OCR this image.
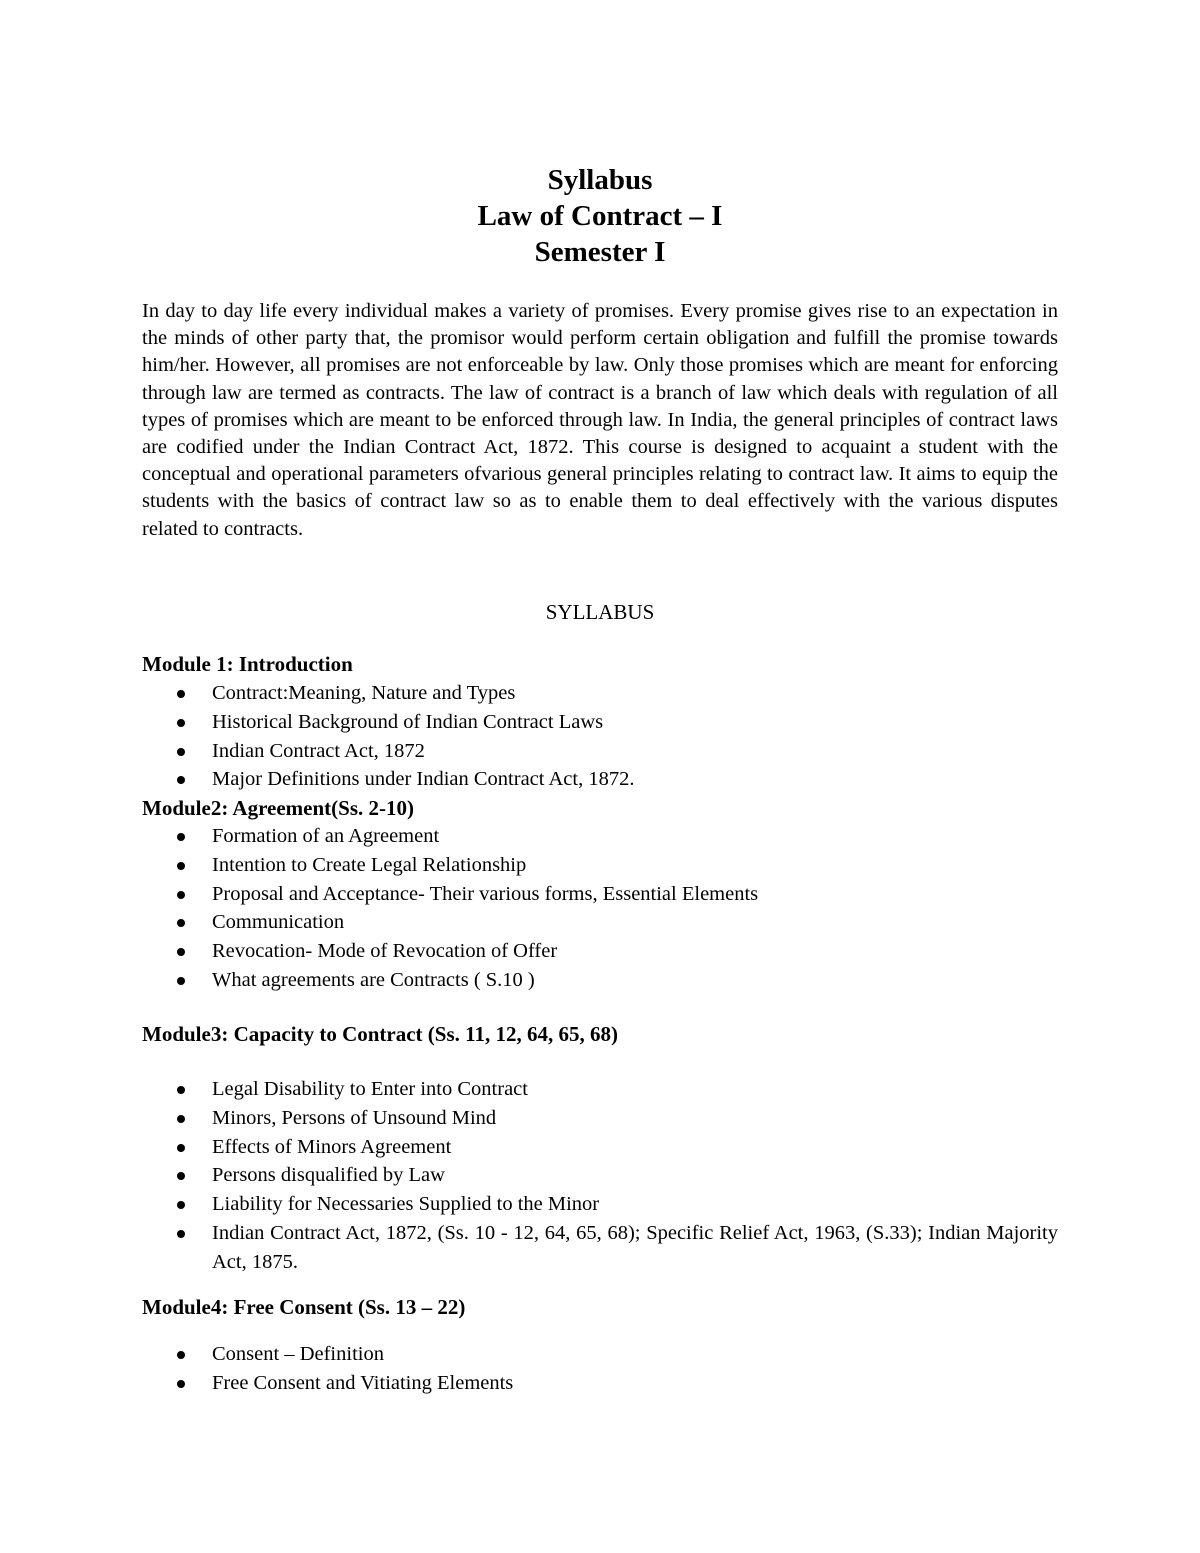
Syllabus
Law of Contract – I
Semester I

In day to day life every individual makes a variety of promises. Every promise gives rise to an expectation in the minds of other party that, the promisor would perform certain obligation and fulfill the promise towards him/her. However, all promises are not enforceable by law. Only those promises which are meant for enforcing through law are termed as contracts. The law of contract is a branch of law which deals with regulation of all types of promises which are meant to be enforced through law. In India, the general principles of contract laws are codified under the Indian Contract Act, 1872. This course is designed to acquaint a student with the conceptual and operational parameters ofvarious general principles relating to contract law. It aims to equip the students with the basics of contract law so as to enable them to deal effectively with the various disputes related to contracts.

SYLLABUS
Module 1: Introduction
Contract:Meaning, Nature and Types
Historical Background of Indian Contract Laws
Indian Contract Act, 1872
Major Definitions under Indian Contract Act, 1872.
Module2: Agreement(Ss. 2-10)
Formation of an Agreement
Intention to Create Legal Relationship
Proposal and Acceptance- Their various forms, Essential Elements
Communication
Revocation- Mode of Revocation of Offer
What agreements are Contracts ( S.10 )
Module3: Capacity to Contract (Ss. 11, 12, 64, 65, 68)
Legal Disability to Enter into Contract
Minors, Persons of Unsound Mind
Effects of Minors Agreement
Persons disqualified by Law
Liability for Necessaries Supplied to the Minor
Indian Contract Act, 1872, (Ss. 10 - 12, 64, 65, 68); Specific Relief Act, 1963, (S.33); Indian Majority Act, 1875.
Module4: Free Consent (Ss. 13 – 22)
Consent – Definition
Free Consent and Vitiating Elements
